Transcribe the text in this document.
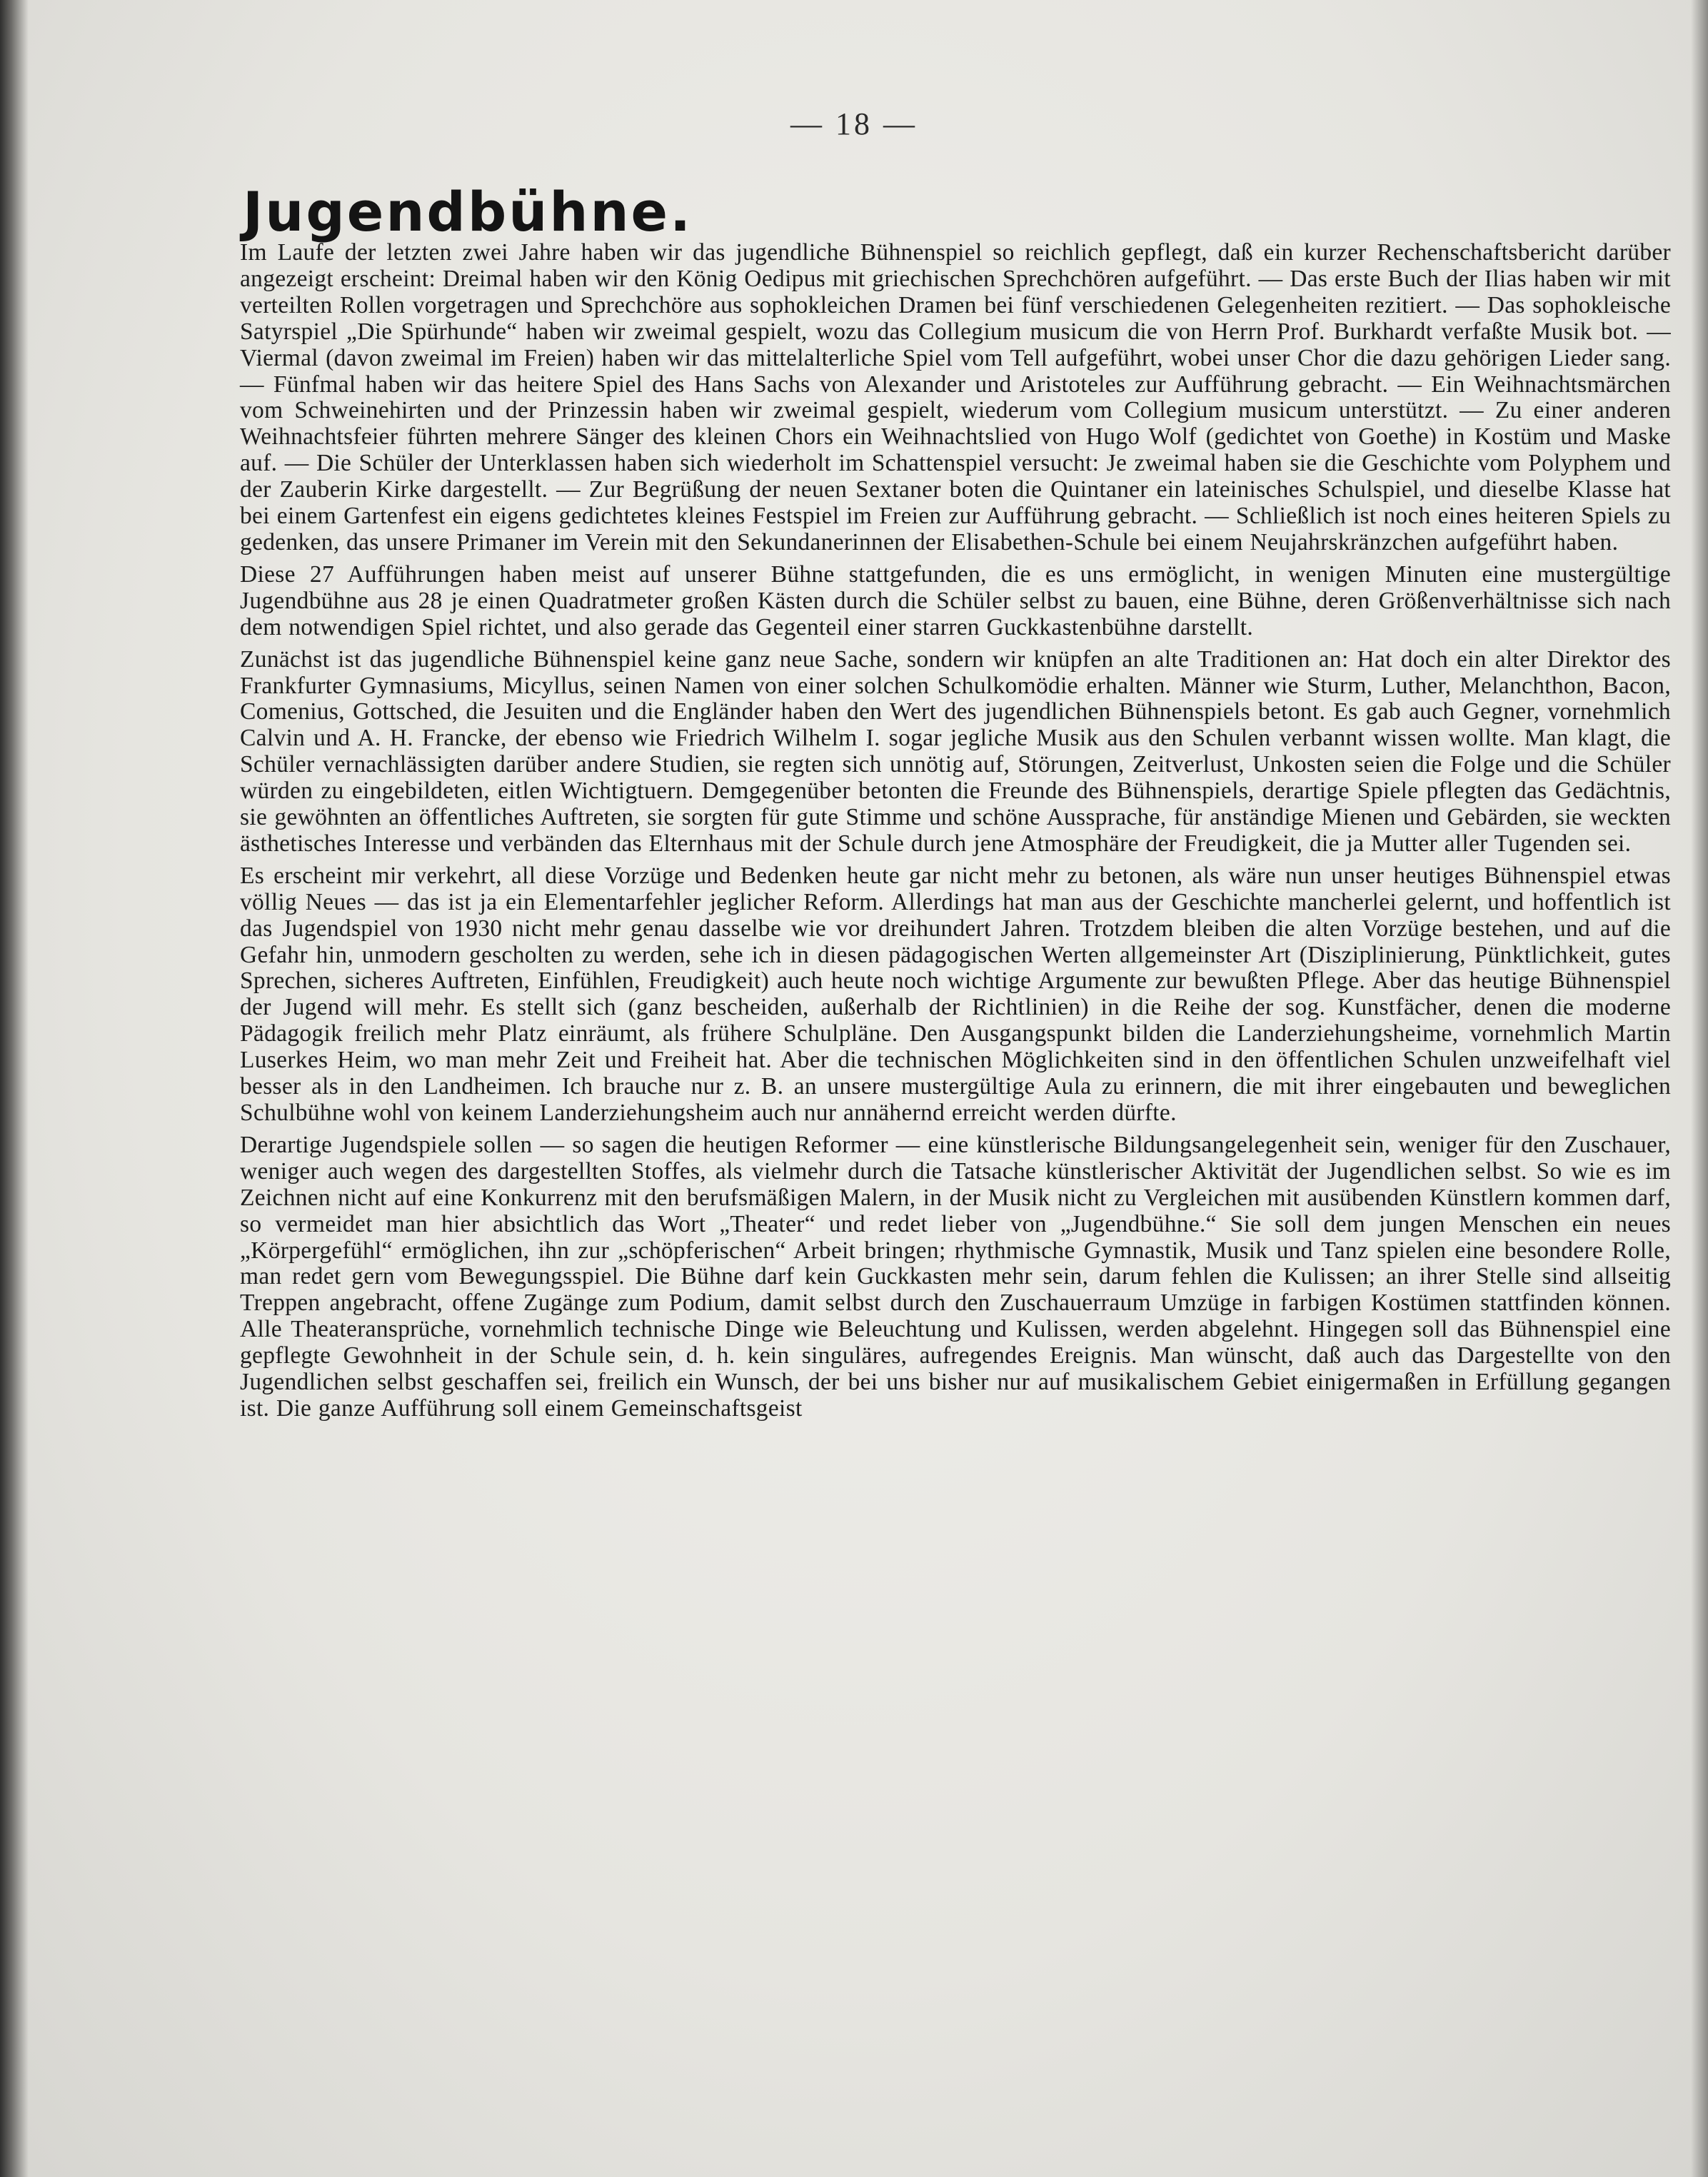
— 18 —
Jugendbühne.

Im Laufe der letzten zwei Jahre haben wir das jugendliche Bühnenspiel so reichlich gepflegt, daß ein kurzer Rechenschaftsbericht darüber angezeigt erscheint: Dreimal haben wir den König Oedipus mit griechischen Sprechchören aufgeführt. — Das erste Buch der Ilias haben wir mit verteilten Rollen vorgetragen und Sprechchöre aus sophokleichen Dramen bei fünf verschiedenen Gelegenheiten rezitiert. — Das sophokleische Satyrspiel „Die Spürhunde“ haben wir zweimal gespielt, wozu das Collegium musicum die von Herrn Prof. Burkhardt verfaßte Musik bot. — Viermal (davon zweimal im Freien) haben wir das mittelalterliche Spiel vom Tell aufgeführt, wobei unser Chor die dazu gehörigen Lieder sang. — Fünfmal haben wir das heitere Spiel des Hans Sachs von Alexander und Aristoteles zur Aufführung gebracht. — Ein Weihnachtsmärchen vom Schweinehirten und der Prinzessin haben wir zweimal gespielt, wiederum vom Collegium musicum unterstützt. — Zu einer anderen Weihnachtsfeier führten mehrere Sänger des kleinen Chors ein Weihnachtslied von Hugo Wolf (gedichtet von Goethe) in Kostüm und Maske auf. — Die Schüler der Unterklassen haben sich wiederholt im Schattenspiel versucht: Je zweimal haben sie die Geschichte vom Polyphem und der Zauberin Kirke dargestellt. — Zur Begrüßung der neuen Sextaner boten die Quintaner ein lateinisches Schulspiel, und dieselbe Klasse hat bei einem Gartenfest ein eigens gedichtetes kleines Festspiel im Freien zur Aufführung gebracht. — Schließlich ist noch eines heiteren Spiels zu gedenken, das unsere Primaner im Verein mit den Sekundanerinnen der Elisabethen-Schule bei einem Neujahrskränzchen aufgeführt haben.

Diese 27 Aufführungen haben meist auf unserer Bühne stattgefunden, die es uns ermöglicht, in wenigen Minuten eine mustergültige Jugendbühne aus 28 je einen Quadratmeter großen Kästen durch die Schüler selbst zu bauen, eine Bühne, deren Größenverhältnisse sich nach dem notwendigen Spiel richtet, und also gerade das Gegenteil einer starren Guckkastenbühne darstellt.

Zunächst ist das jugendliche Bühnenspiel keine ganz neue Sache, sondern wir knüpfen an alte Traditionen an: Hat doch ein alter Direktor des Frankfurter Gymnasiums, Micyllus, seinen Namen von einer solchen Schulkomödie erhalten. Männer wie Sturm, Luther, Melanchthon, Bacon, Comenius, Gottsched, die Jesuiten und die Engländer haben den Wert des jugendlichen Bühnenspiels betont. Es gab auch Gegner, vornehmlich Calvin und A. H. Francke, der ebenso wie Friedrich Wilhelm I. sogar jegliche Musik aus den Schulen verbannt wissen wollte. Man klagt, die Schüler vernachlässigten darüber andere Studien, sie regten sich unnötig auf, Störungen, Zeitverlust, Unkosten seien die Folge und die Schüler würden zu eingebildeten, eitlen Wichtigtuern. Demgegenüber betonten die Freunde des Bühnenspiels, derartige Spiele pflegten das Gedächtnis, sie gewöhnten an öffentliches Auftreten, sie sorgten für gute Stimme und schöne Aussprache, für anständige Mienen und Gebärden, sie weckten ästhetisches Interesse und verbänden das Elternhaus mit der Schule durch jene Atmosphäre der Freudigkeit, die ja Mutter aller Tugenden sei.

Es erscheint mir verkehrt, all diese Vorzüge und Bedenken heute gar nicht mehr zu betonen, als wäre nun unser heutiges Bühnenspiel etwas völlig Neues — das ist ja ein Elementarfehler jeglicher Reform. Allerdings hat man aus der Geschichte mancherlei gelernt, und hoffentlich ist das Jugendspiel von 1930 nicht mehr genau dasselbe wie vor dreihundert Jahren. Trotzdem bleiben die alten Vorzüge bestehen, und auf die Gefahr hin, unmodern gescholten zu werden, sehe ich in diesen pädagogischen Werten allgemeinster Art (Disziplinierung, Pünktlichkeit, gutes Sprechen, sicheres Auftreten, Einfühlen, Freudigkeit) auch heute noch wichtige Argumente zur bewußten Pflege. Aber das heutige Bühnenspiel der Jugend will mehr. Es stellt sich (ganz bescheiden, außerhalb der Richtlinien) in die Reihe der sog. Kunstfächer, denen die moderne Pädagogik freilich mehr Platz einräumt, als frühere Schulpläne. Den Ausgangspunkt bilden die Landerziehungsheime, vornehmlich Martin Luserkes Heim, wo man mehr Zeit und Freiheit hat. Aber die technischen Möglichkeiten sind in den öffentlichen Schulen unzweifelhaft viel besser als in den Landheimen. Ich brauche nur z. B. an unsere mustergültige Aula zu erinnern, die mit ihrer eingebauten und beweglichen Schulbühne wohl von keinem Landerziehungsheim auch nur annähernd erreicht werden dürfte.

Derartige Jugendspiele sollen — so sagen die heutigen Reformer — eine künstlerische Bildungsangelegenheit sein, weniger für den Zuschauer, weniger auch wegen des dargestellten Stoffes, als vielmehr durch die Tatsache künstlerischer Aktivität der Jugendlichen selbst. So wie es im Zeichnen nicht auf eine Konkurrenz mit den berufsmäßigen Malern, in der Musik nicht zu Vergleichen mit ausübenden Künstlern kommen darf, so vermeidet man hier absichtlich das Wort „Theater“ und redet lieber von „Jugendbühne.“ Sie soll dem jungen Menschen ein neues „Körpergefühl“ ermöglichen, ihn zur „schöpferischen“ Arbeit bringen; rhythmische Gymnastik, Musik und Tanz spielen eine besondere Rolle, man redet gern vom Bewegungsspiel. Die Bühne darf kein Guckkasten mehr sein, darum fehlen die Kulissen; an ihrer Stelle sind allseitig Treppen angebracht, offene Zugänge zum Podium, damit selbst durch den Zuschauerraum Umzüge in farbigen Kostümen stattfinden können. Alle Theateransprüche, vornehmlich technische Dinge wie Beleuchtung und Kulissen, werden abgelehnt. Hingegen soll das Bühnenspiel eine gepflegte Gewohnheit in der Schule sein, d. h. kein singuläres, aufregendes Ereignis. Man wünscht, daß auch das Dargestellte von den Jugendlichen selbst geschaffen sei, freilich ein Wunsch, der bei uns bisher nur auf musikalischem Gebiet einigermaßen in Erfüllung gegangen ist. Die ganze Aufführung soll einem Gemeinschaftsgeist
